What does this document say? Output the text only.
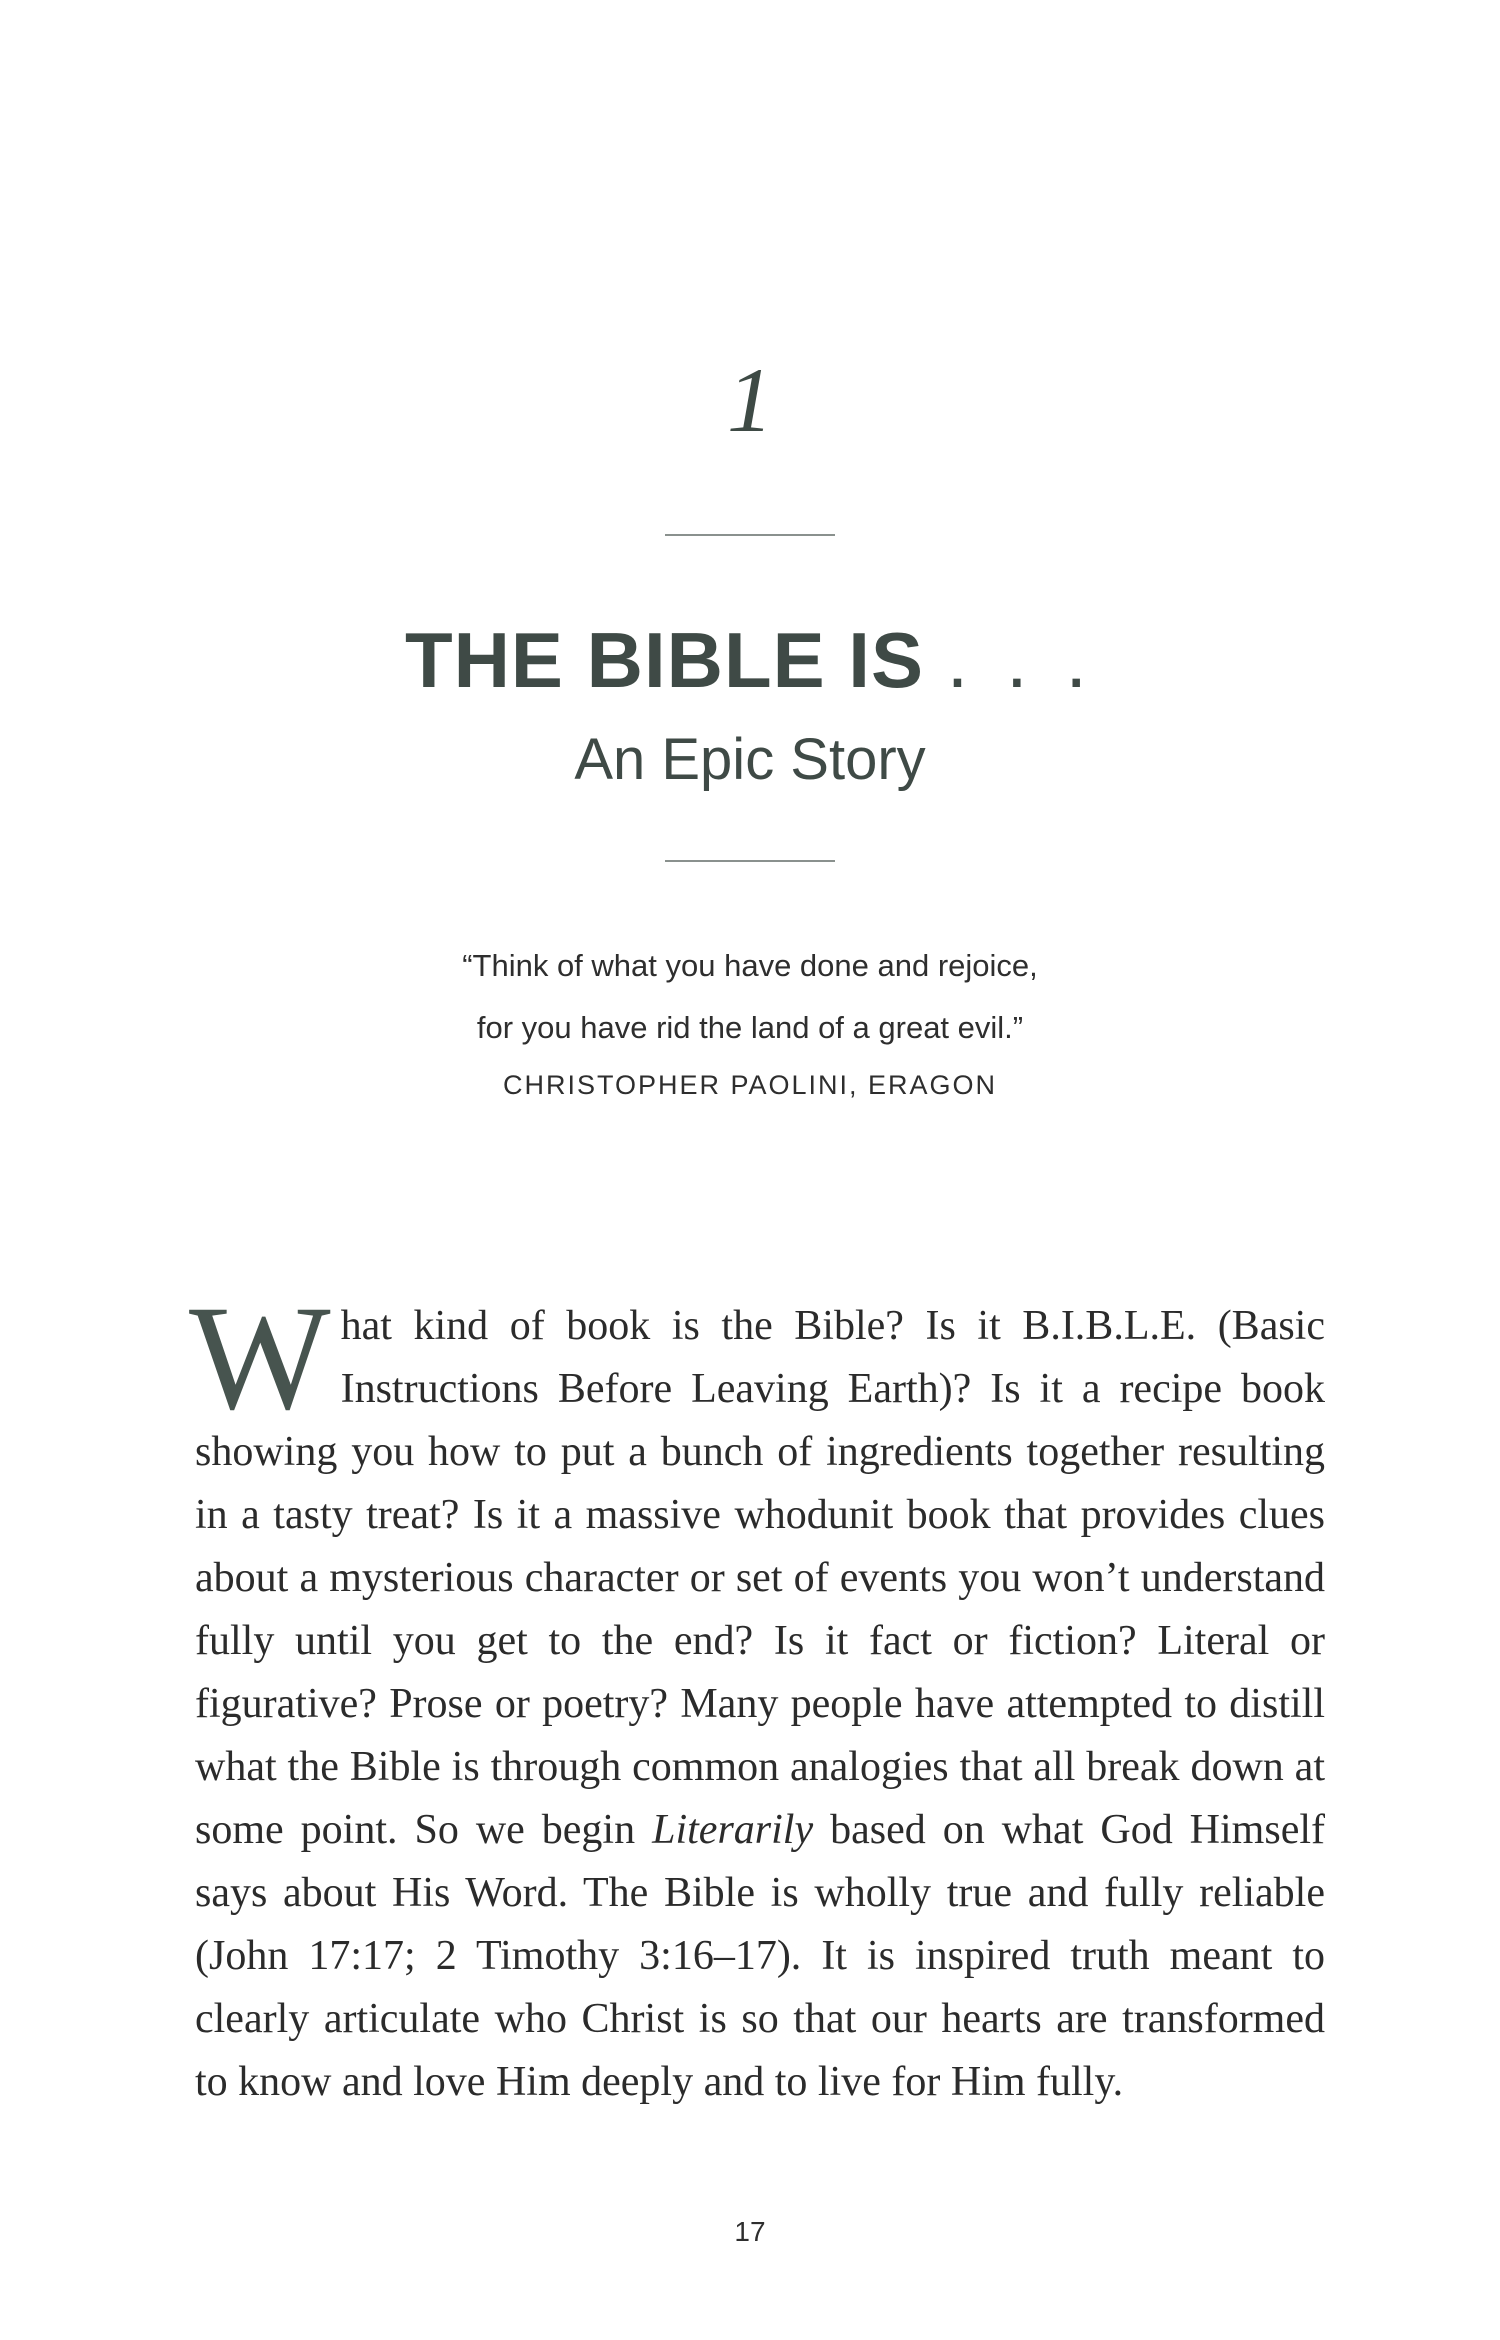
1
THE BIBLE IS . . .
An Epic Story
“Think of what you have done and rejoice,
for you have rid the land of a great evil.”
CHRISTOPHER PAOLINI, ERAGON

What kind of book is the Bible? Is it B.I.B.L.E. (Basic Instructions Before Leaving Earth)? Is it a recipe book showing you how to put a bunch of ingredients together resulting in a tasty treat? Is it a massive whodunit book that provides clues about a mysterious character or set of events you won’t understand fully until you get to the end? Is it fact or fiction? Literal or figurative? Prose or poetry? Many people have attempted to distill what the Bible is through common analogies that all break down at some point. So we begin Literarily based on what God Himself says about His Word. The Bible is wholly true and fully reliable (John 17:17; 2 Timothy 3:16–17). It is inspired truth meant to clearly articulate who Christ is so that our hearts are transformed to know and love Him deeply and to live for Him fully.

17
